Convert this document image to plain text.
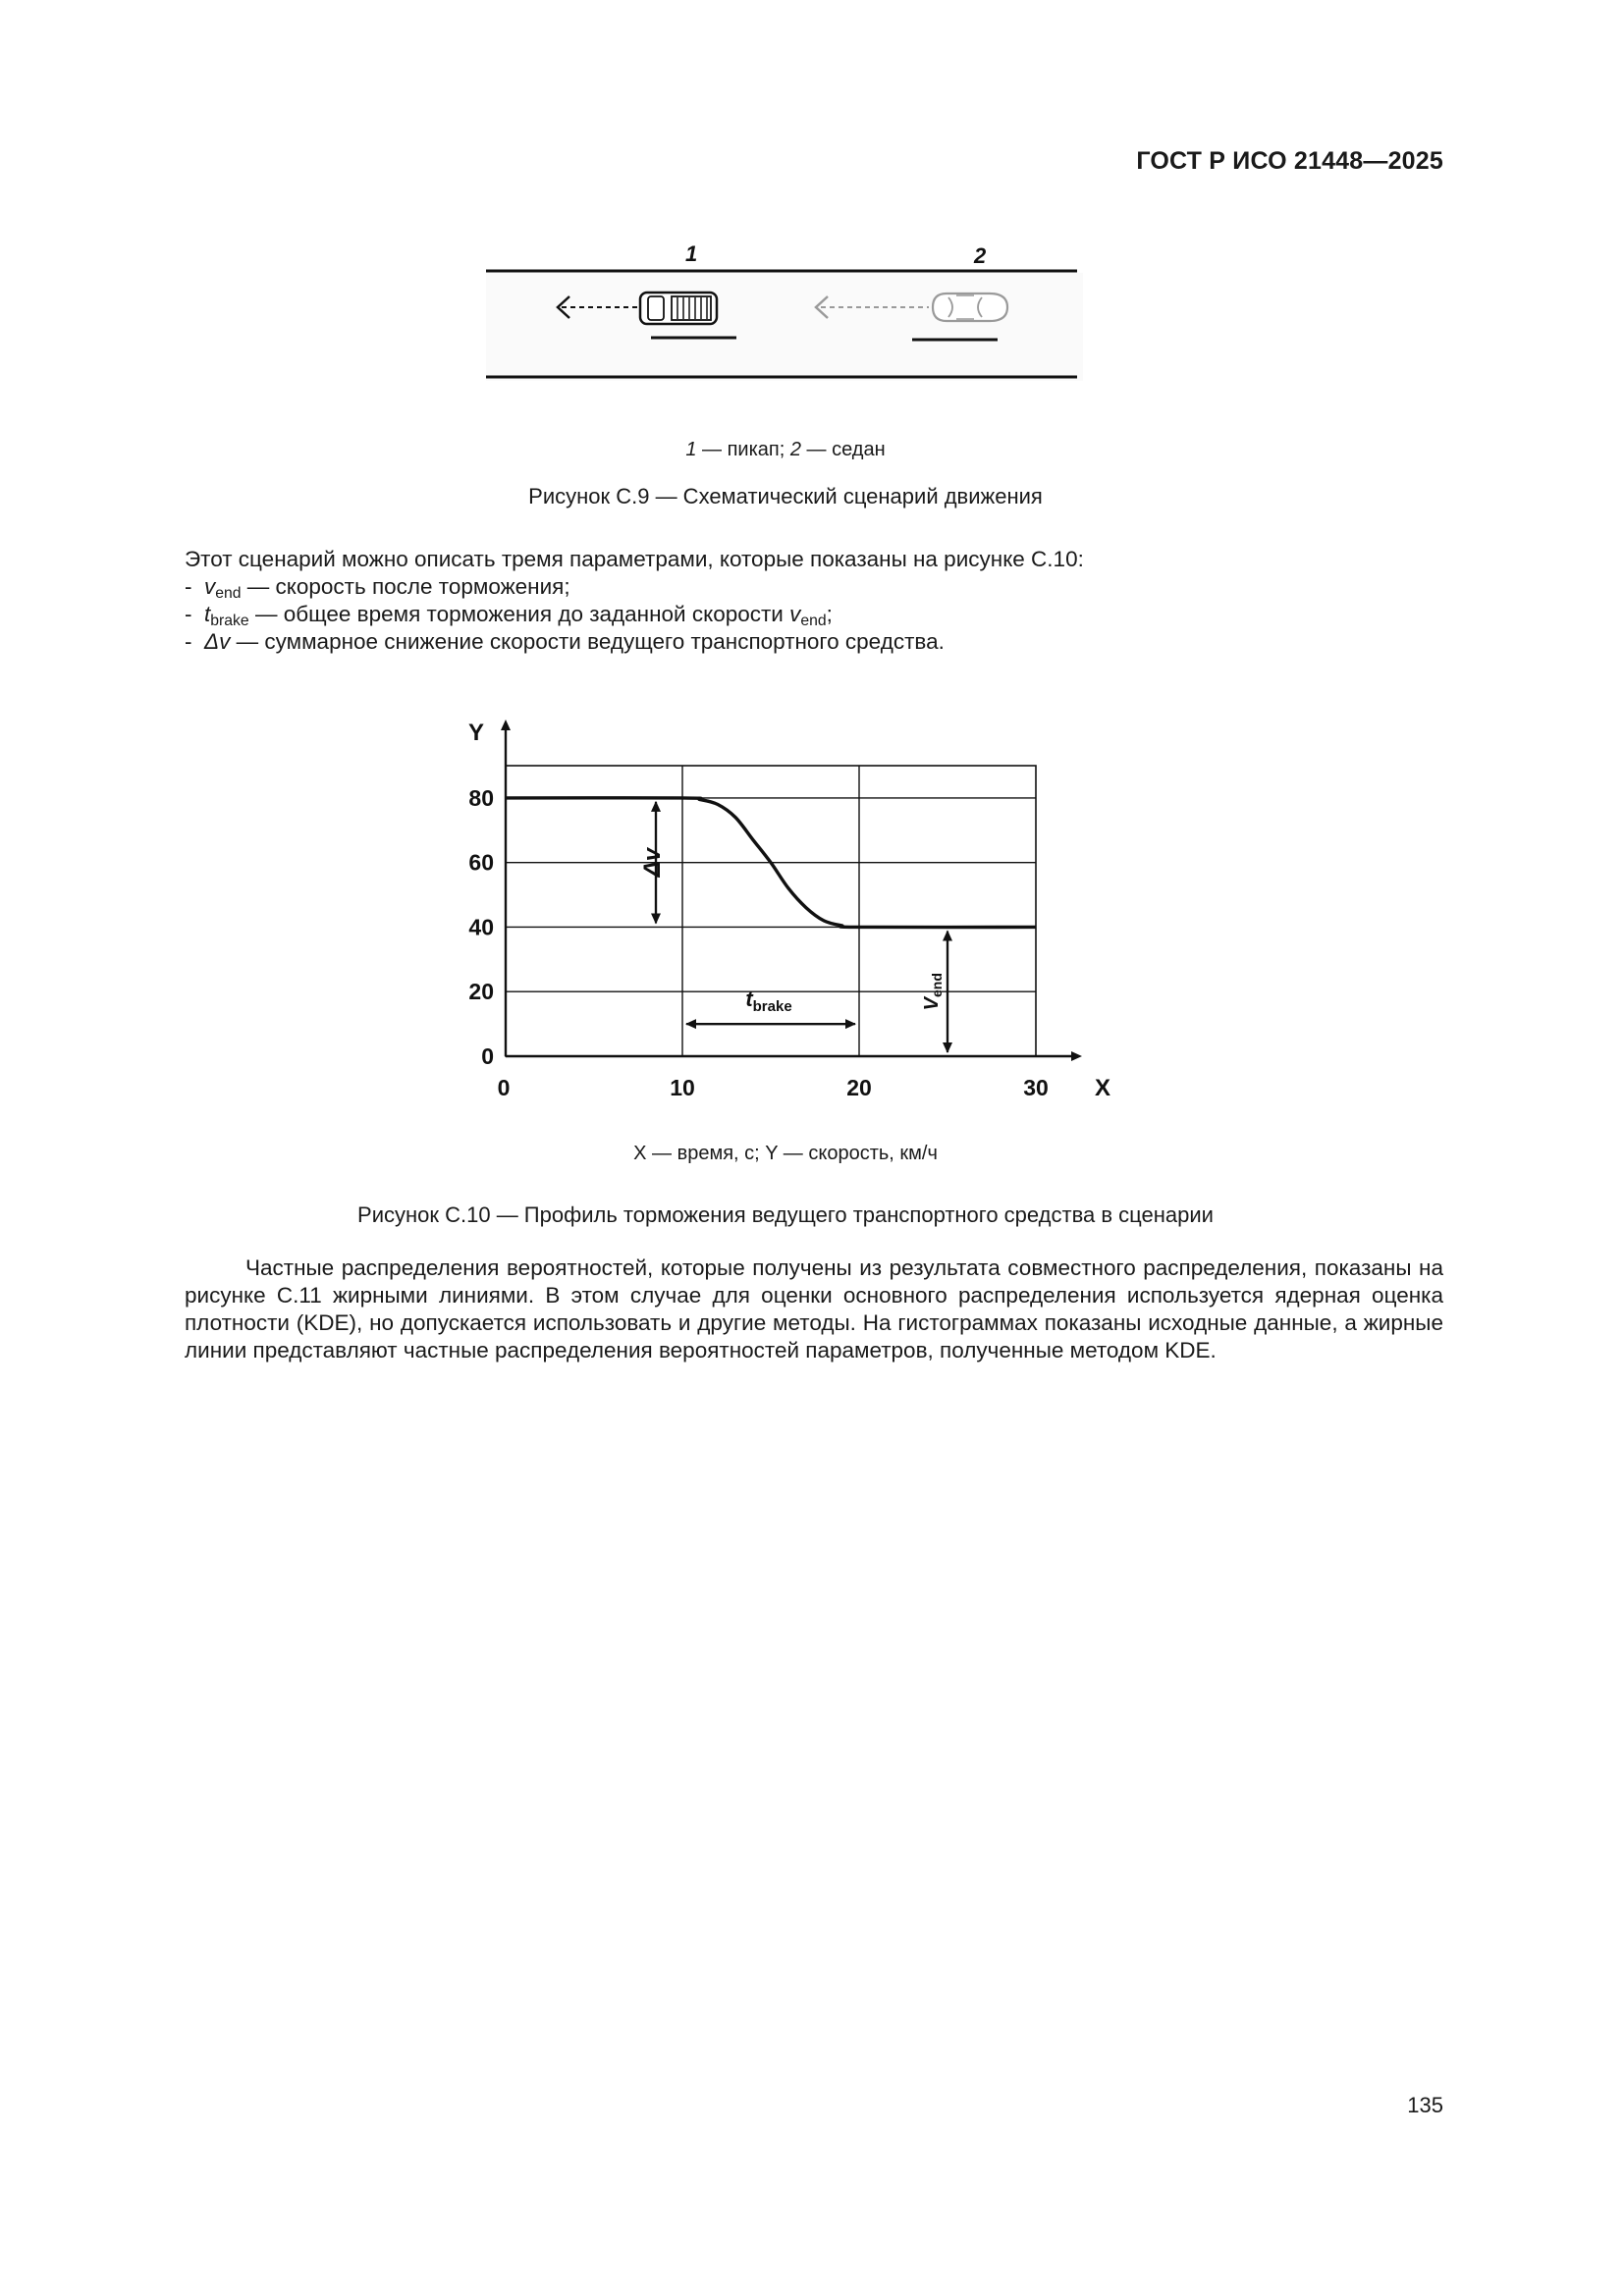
ГОСТ Р ИСО 21448—2025
1	2
1 — пикап; 2 — седан
Рисунок С.9 — Схематический сценарий движения
Этот сценарий можно описать тремя параметрами, которые показаны на рисунке С.10:
- $v_{end}$ — скорость после торможения;
- $t_{brake}$ — общее время торможения до заданной скорости $v_{end}$;
- Δv — суммарное снижение скорости ведущего транспортного средства.
X
Y
0
20
40
60
80
0	10	20	30
Δv
$t_{brake}$	$V_{end}$
X — время, с; Y — скорость, км/ч
Рисунок С.10 — Профиль торможения ведущего транспортного средства в сценарии
Частные распределения вероятностей, которые получены из результата совместного распределения, показаны на рисунке С.11 жирными линиями. В этом случае для оценки основного распределения используется ядерная оценка плотности (KDE), но допускается использовать и другие методы. На гистограммах показаны исходные данные, а жирные линии представляют частные распределения вероятностей параметров, полученные методом KDE.
135
